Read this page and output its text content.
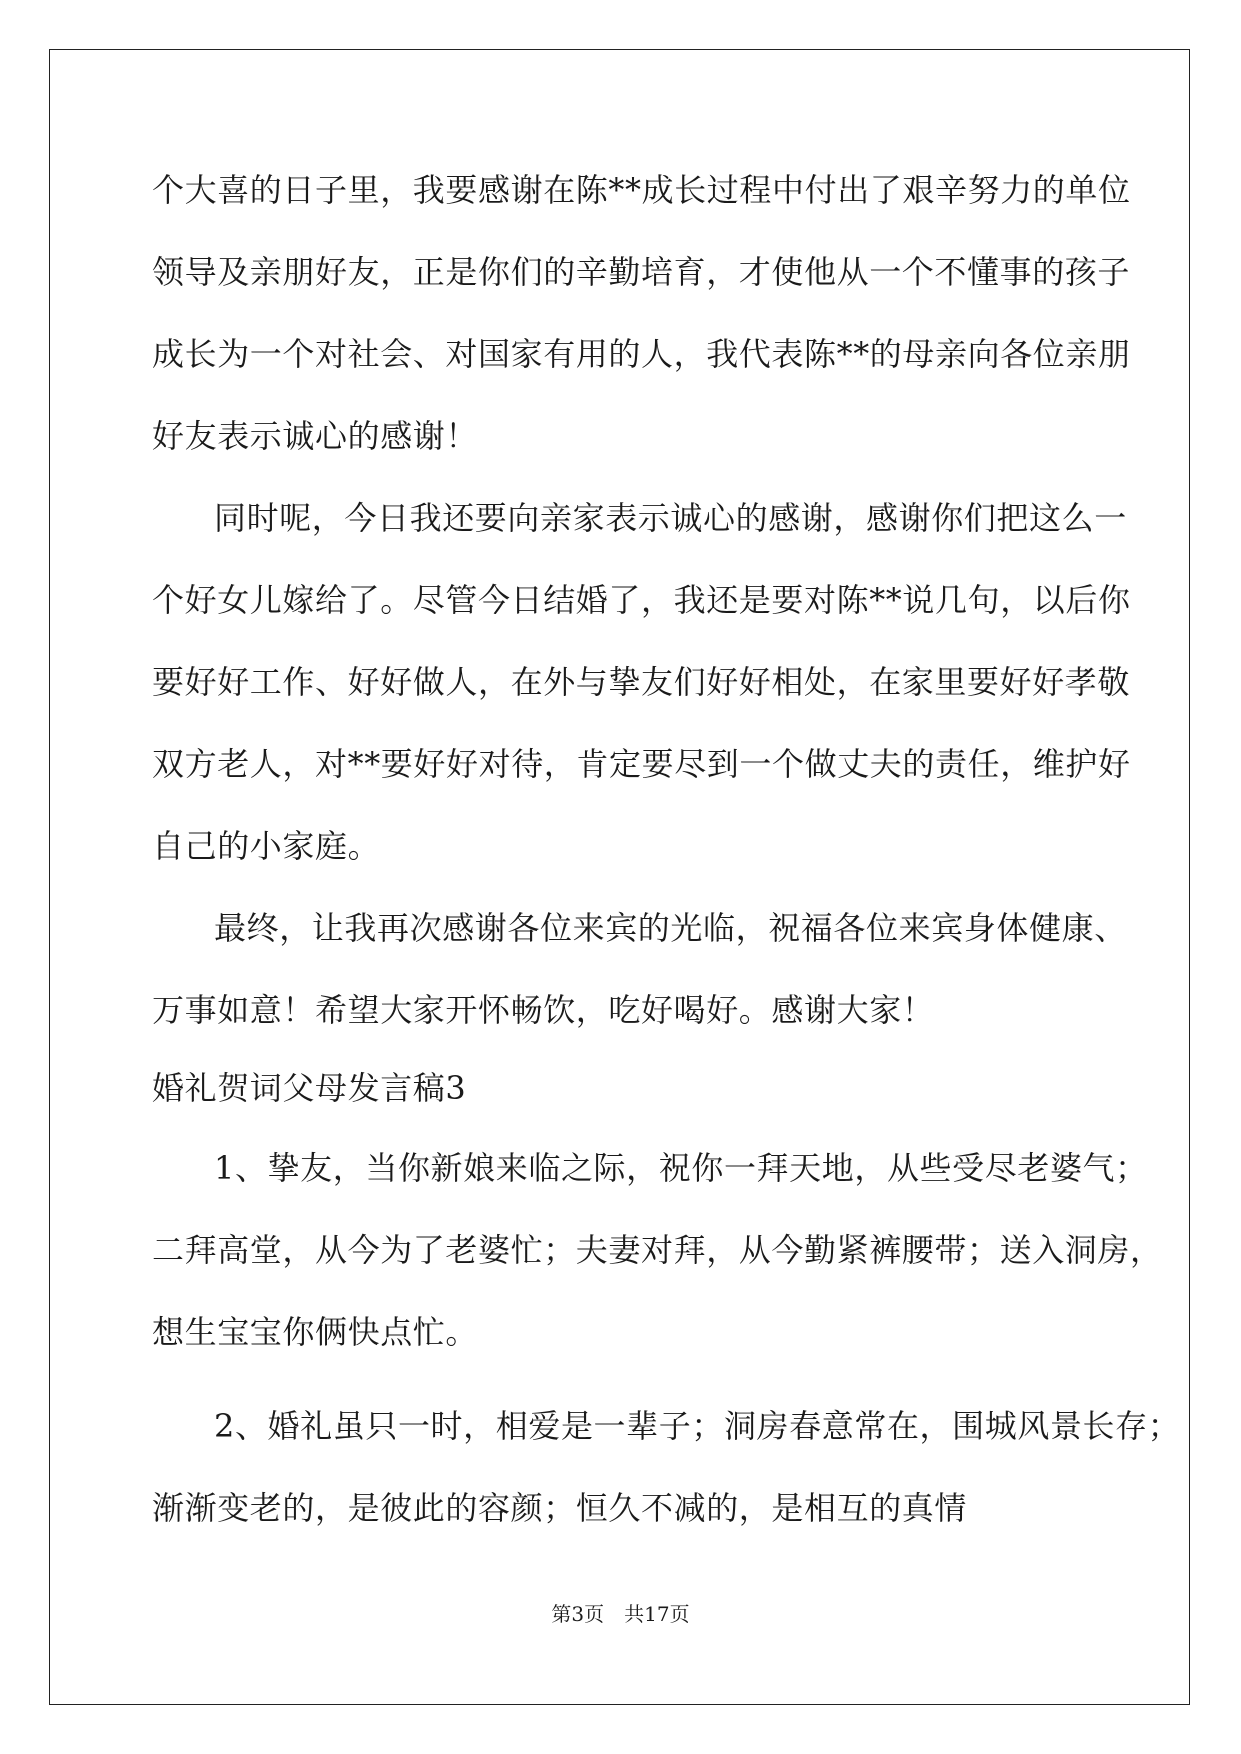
个大喜的日子里，我要感谢在陈**成长过程中付出了艰辛努力的单位
领导及亲朋好友，正是你们的辛勤培育，才使他从一个不懂事的孩子
成长为一个对社会、对国家有用的人，我代表陈**的母亲向各位亲朋
好友表示诚心的感谢！
同时呢，今日我还要向亲家表示诚心的感谢，感谢你们把这么一
个好女儿嫁给了。尽管今日结婚了，我还是要对陈**说几句，以后你
要好好工作、好好做人，在外与挚友们好好相处，在家里要好好孝敬
双方老人，对**要好好对待，肯定要尽到一个做丈夫的责任，维护好
自己的小家庭。
最终，让我再次感谢各位来宾的光临，祝福各位来宾身体健康、
万事如意！希望大家开怀畅饮，吃好喝好。感谢大家！
婚礼贺词父母发言稿3
1、挚友，当你新娘来临之际，祝你一拜天地，从些受尽老婆气；
二拜高堂，从今为了老婆忙；夫妻对拜，从今勤紧裤腰带；送入洞房，
想生宝宝你俩快点忙。
2、婚礼虽只一时，相爱是一辈子；洞房春意常在，围城风景长存；
渐渐变老的，是彼此的容颜；恒久不减的，是相互的真情
第3页　共17页
